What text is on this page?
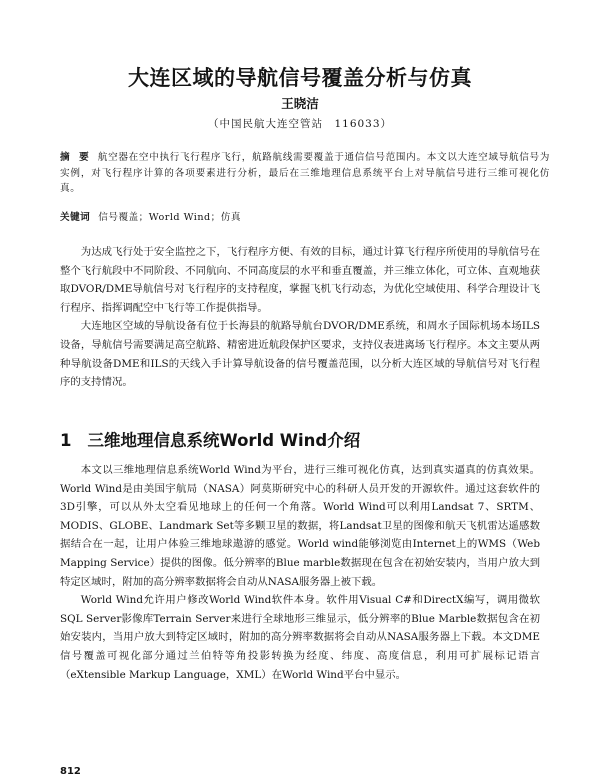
大连区域的导航信号覆盖分析与仿真
王晓洁
（中国民航大连空管站　116033）
摘 要 航空器在空中执行飞行程序飞行，航路航线需要覆盖于通信信号范围内。本文以大连空域导航信号为实例，对飞行程序计算的各项要素进行分析，最后在三维地理信息系统平台上对导航信号进行三维可视化仿真。
关键词 信号覆盖；World Wind；仿真

为达成飞行处于安全监控之下，飞行程序方便、有效的目标，通过计算飞行程序所使用的导航信号在整个飞行航段中不同阶段、不同航向、不同高度层的水平和垂直覆盖，并三维立体化，可立体、直观地获取DVOR/DME导航信号对飞行程序的支持程度，掌握飞机飞行动态，为优化空域使用、科学合理设计飞行程序、指挥调配空中飞行等工作提供指导。

大连地区空域的导航设备有位于长海县的航路导航台DVOR/DME系统，和周水子国际机场本场ILS设备，导航信号需要满足高空航路、精密进近航段保护区要求，支持仪表进离场飞行程序。本文主要从两种导航设备DME和ILS的天线入手计算导航设备的信号覆盖范围，以分析大连区域的导航信号对飞行程序的支持情况。

1 三维地理信息系统World Wind介绍

本文以三维地理信息系统World Wind为平台，进行三维可视化仿真，达到真实逼真的仿真效果。World Wind是由美国宇航局（NASA）阿莫斯研究中心的科研人员开发的开源软件。通过这套软件的3D引擎，可以从外太空看见地球上的任何一个角落。World Wind可以利用Landsat 7、SRTM、MODIS、GLOBE、Landmark Set等多颗卫星的数据，将Landsat卫星的图像和航天飞机雷达遥感数据结合在一起，让用户体验三维地球遨游的感觉。World wind能够浏览由Internet上的WMS（Web Mapping Service）提供的图像。低分辨率的Blue marble数据现在包含在初始安装内，当用户放大到特定区域时，附加的高分辨率数据将会自动从NASA服务器上被下载。

World Wind允许用户修改World Wind软件本身。软件用Visual C#和DirectX编写，调用微软SQL Server影像库Terrain Server来进行全球地形三维显示，低分辨率的Blue Marble数据包含在初始安装内，当用户放大到特定区域时，附加的高分辨率数据将会自动从NASA服务器上下载。本文DME信号覆盖可视化部分通过兰伯特等角投影转换为经度、纬度、高度信息，利用可扩展标记语言（eXtensible Markup Language，XML）在World Wind平台中显示。

812
